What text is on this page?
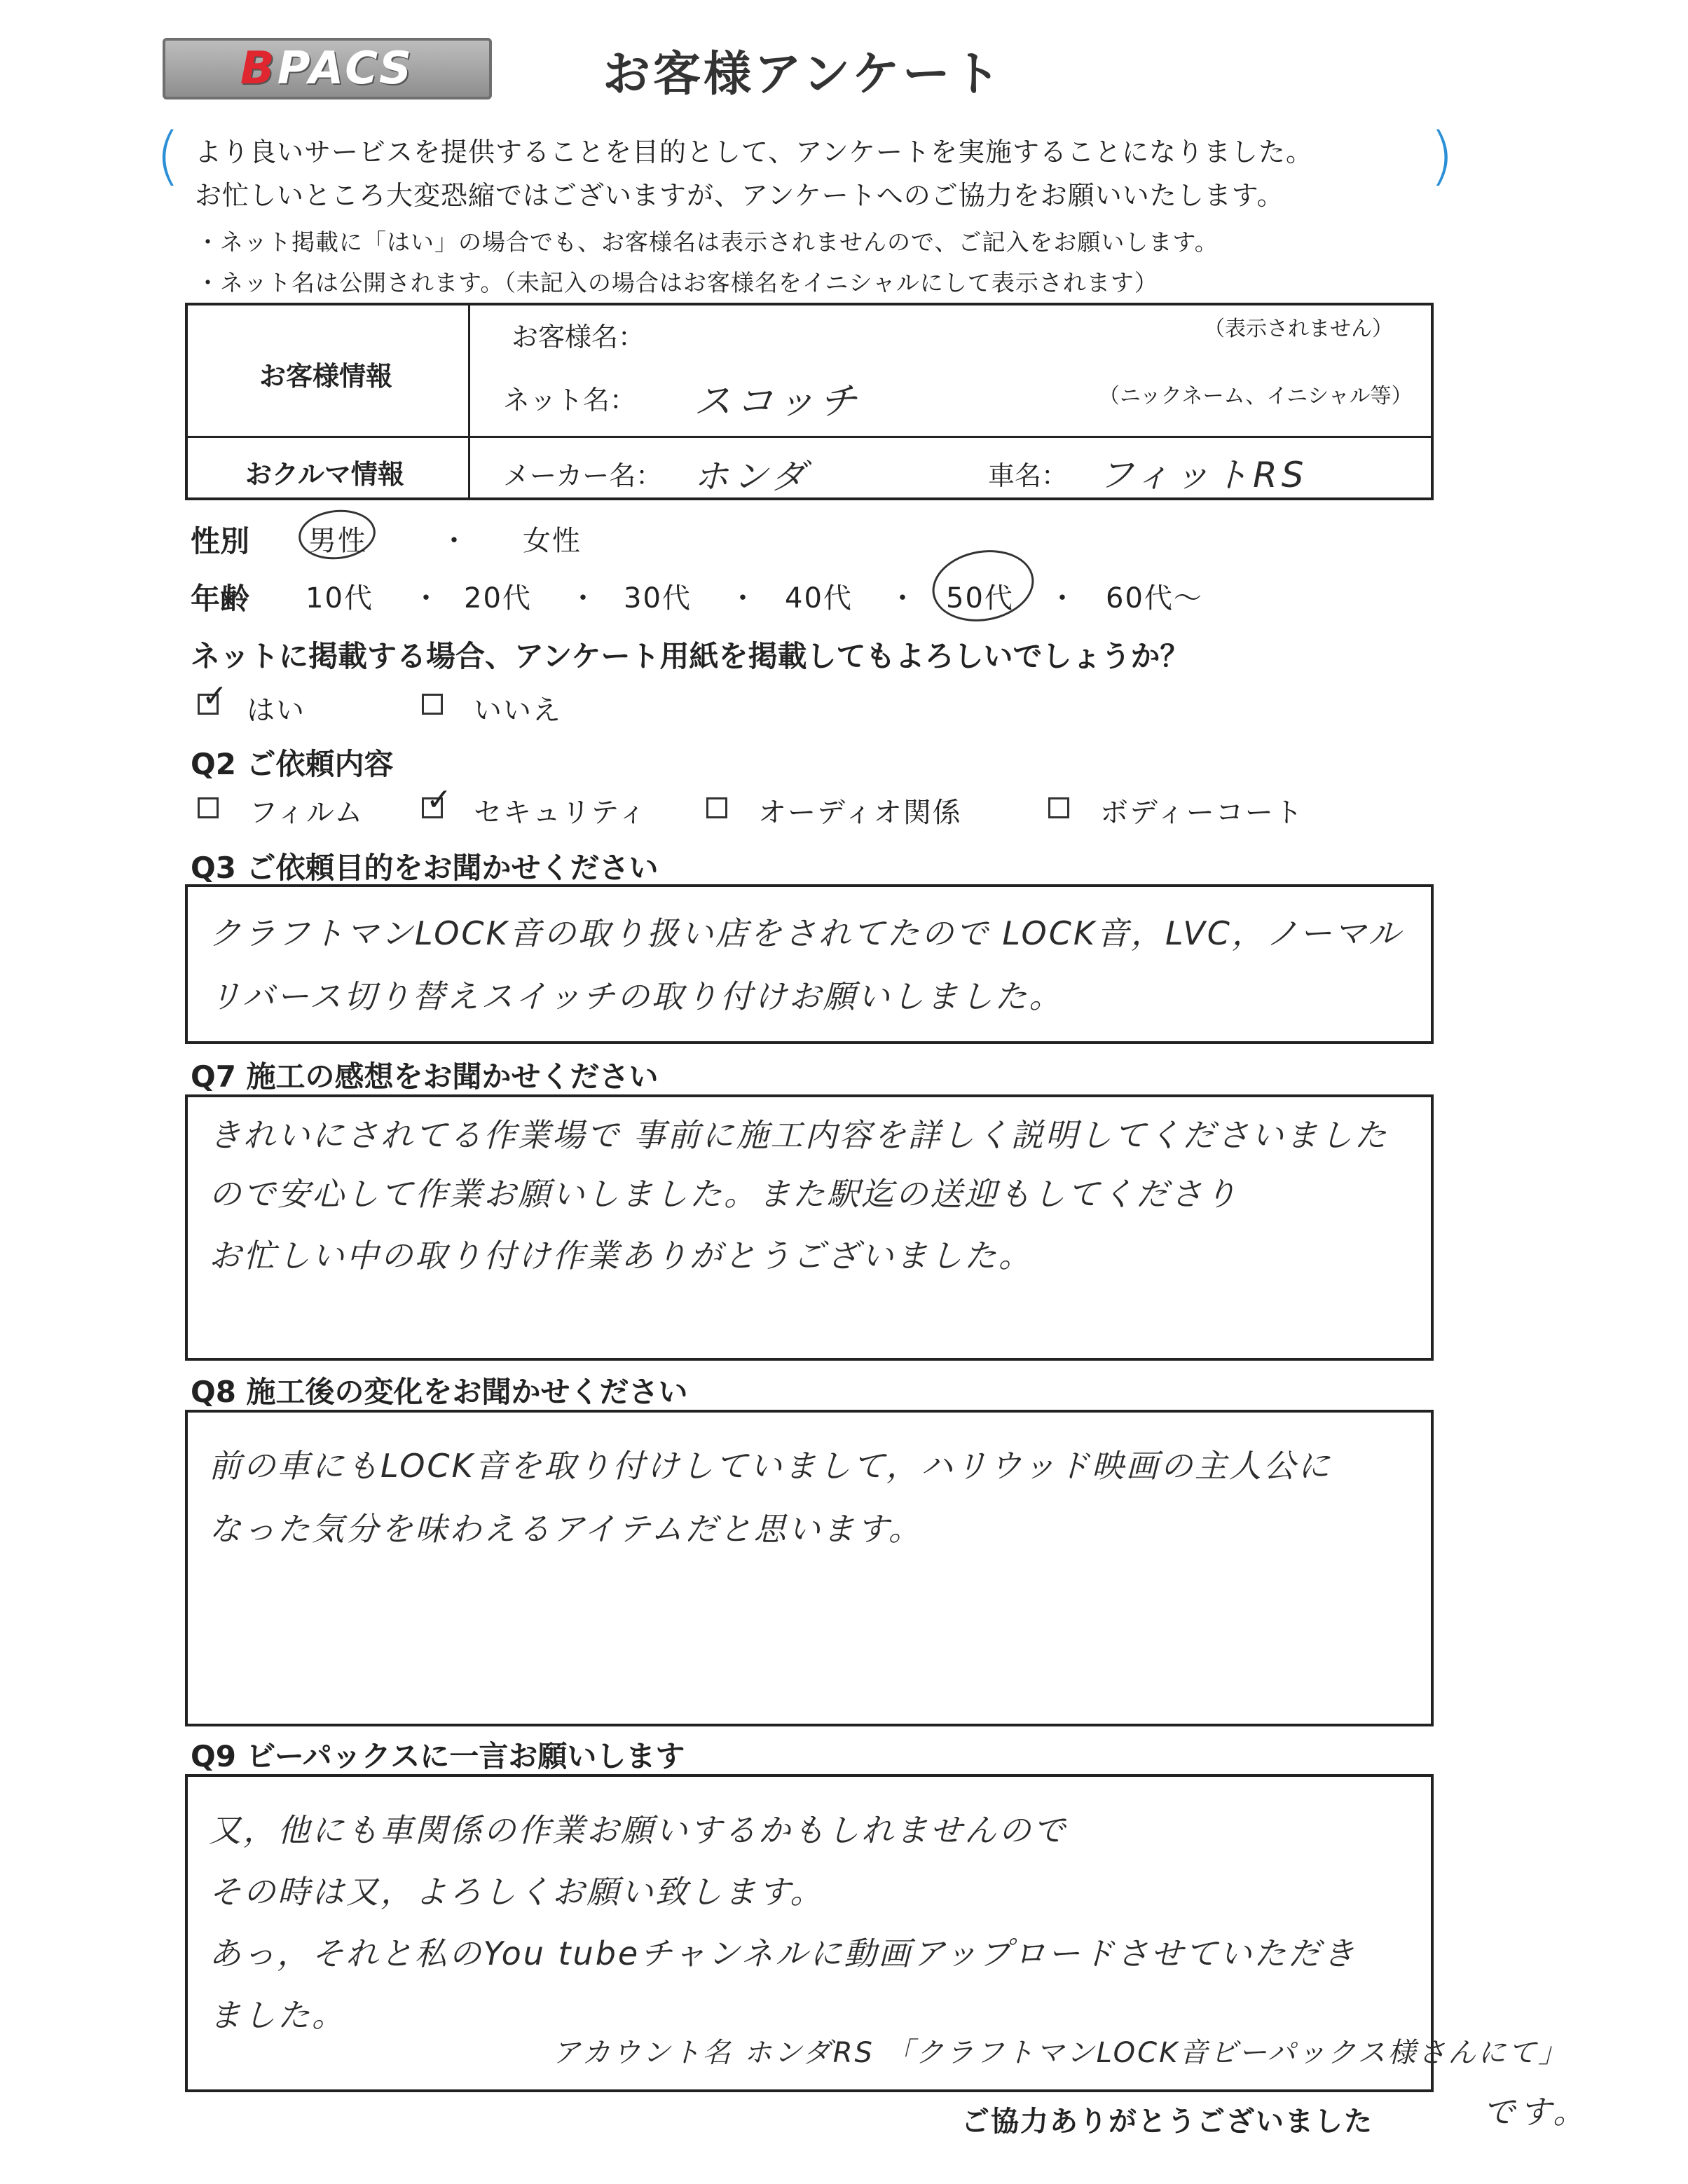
BPACS	お客様アンケート
(	)
より良いサービスを提供することを目的として、アンケートを実施することになりました。
お忙しいところ大変恐縮ではございますが、アンケートへのご協力をお願いいたします。
・ネット掲載に「はい」の場合でも、お客様名は表示されませんので、ご記入をお願いします。
・ネット名は公開されます。（未記入の場合はお客様名をイニシャルにして表示されます）
お客様情報
おクルマ情報
お客様名：	（表示されません）
ネット名： スコッチ	（ニックネーム、イニシャル等）
メーカー名： ホンダ	車名： フィットRS
性別 男性	・ 女性
年齢 10代 ・ 20代 ・ 30代 ・ 40代 ・ 50代 ・ 60代～
ネットに掲載する場合、アンケート用紙を掲載してもよろしいでしょうか？
✓ はい	いいえ
Q2 ご依頼内容
フィルム ✓ セキュリティ	オーディオ関係	ボディーコート
Q3 ご依頼目的をお聞かせください
クラフトマンLOCK音の取り扱い店をされてたので LOCK音，LVC，ノーマル
リバース切り替えスイッチの取り付けお願いしました。
Q7 施工の感想をお聞かせください
きれいにされてる作業場で 事前に施工内容を詳しく説明してくださいました
ので安心して作業お願いしました。また駅迄の送迎もしてくださり
お忙しい中の取り付け作業ありがとうございました。
Q8 施工後の変化をお聞かせください
前の車にもLOCK音を取り付けしていまして，ハリウッド映画の主人公に
なった気分を味わえるアイテムだと思います。
Q9 ビーパックスに一言お願いします
又，他にも車関係の作業お願いするかもしれませんので
その時は又，よろしくお願い致します。
あっ，それと私のYou tubeチャンネルに動画アップロードさせていただき
ました。
アカウント名 ホンダRS 「クラフトマンLOCK音ビーパックス様さんにて」
です。
ご協力ありがとうございました
